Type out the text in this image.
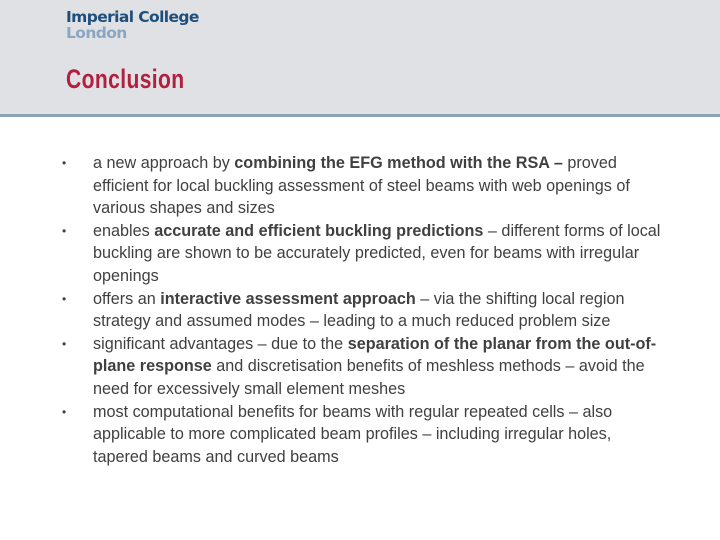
Imperial College
London
Conclusion
• a new approach by combining the EFG method with the RSA – proved efficient for local buckling assessment of steel beams with web openings of various shapes and sizes
• enables accurate and efficient buckling predictions – different forms of local buckling are shown to be accurately predicted, even for beams with irregular openings
• offers an interactive assessment approach – via the shifting local region strategy and assumed modes – leading to a much reduced problem size
• significant advantages – due to the separation of the planar from the out-of-plane response and discretisation benefits of meshless methods – avoid the need for excessively small element meshes
• most computational benefits for beams with regular repeated cells – also applicable to more complicated beam profiles – including irregular holes, tapered beams and curved beams
